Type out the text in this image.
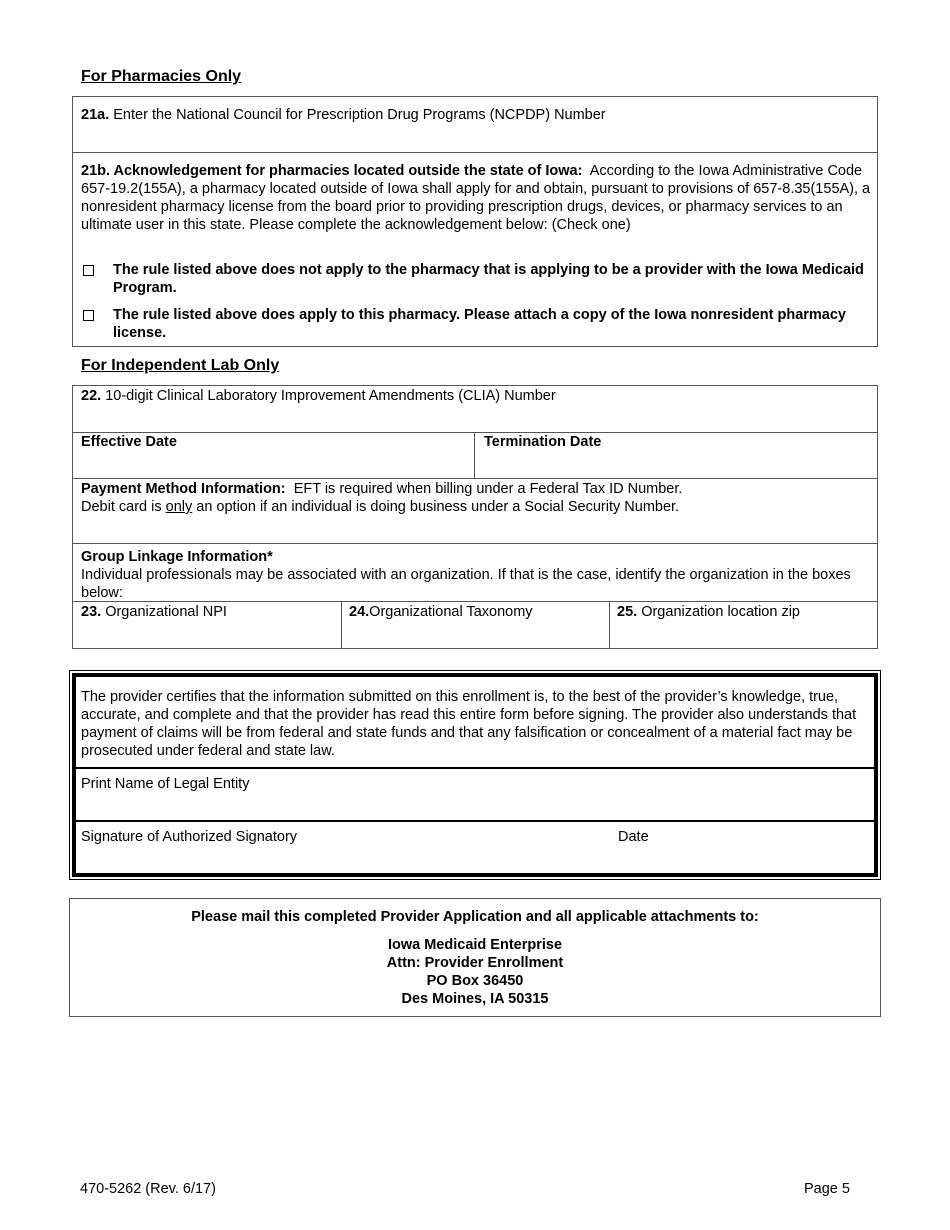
For Pharmacies Only
21a. Enter the National Council for Prescription Drug Programs (NCPDP) Number
21b. Acknowledgement for pharmacies located outside the state of Iowa: According to the Iowa Administrative Code 657-19.2(155A), a pharmacy located outside of Iowa shall apply for and obtain, pursuant to provisions of 657-8.35(155A), a nonresident pharmacy license from the board prior to providing prescription drugs, devices, or pharmacy services to an ultimate user in this state. Please complete the acknowledgement below: (Check one)
The rule listed above does not apply to the pharmacy that is applying to be a provider with the Iowa Medicaid Program.
The rule listed above does apply to this pharmacy. Please attach a copy of the Iowa nonresident pharmacy license.
For Independent Lab Only
22. 10-digit Clinical Laboratory Improvement Amendments (CLIA) Number
Effective Date	Termination Date
Payment Method Information: EFT is required when billing under a Federal Tax ID Number.
Debit card is only an option if an individual is doing business under a Social Security Number.
Group Linkage Information*
Individual professionals may be associated with an organization. If that is the case, identify the organization in the boxes below:
23. Organizational NPI	24.Organizational Taxonomy	25. Organization location zip
The provider certifies that the information submitted on this enrollment is, to the best of the provider’s knowledge, true, accurate, and complete and that the provider has read this entire form before signing. The provider also understands that payment of claims will be from federal and state funds and that any falsification or concealment of a material fact may be prosecuted under federal and state law.
Print Name of Legal Entity
Signature of Authorized Signatory	Date
Please mail this completed Provider Application and all applicable attachments to:
Iowa Medicaid Enterprise
Attn: Provider Enrollment
PO Box 36450
Des Moines, IA 50315
470-5262 (Rev. 6/17)	Page 5
